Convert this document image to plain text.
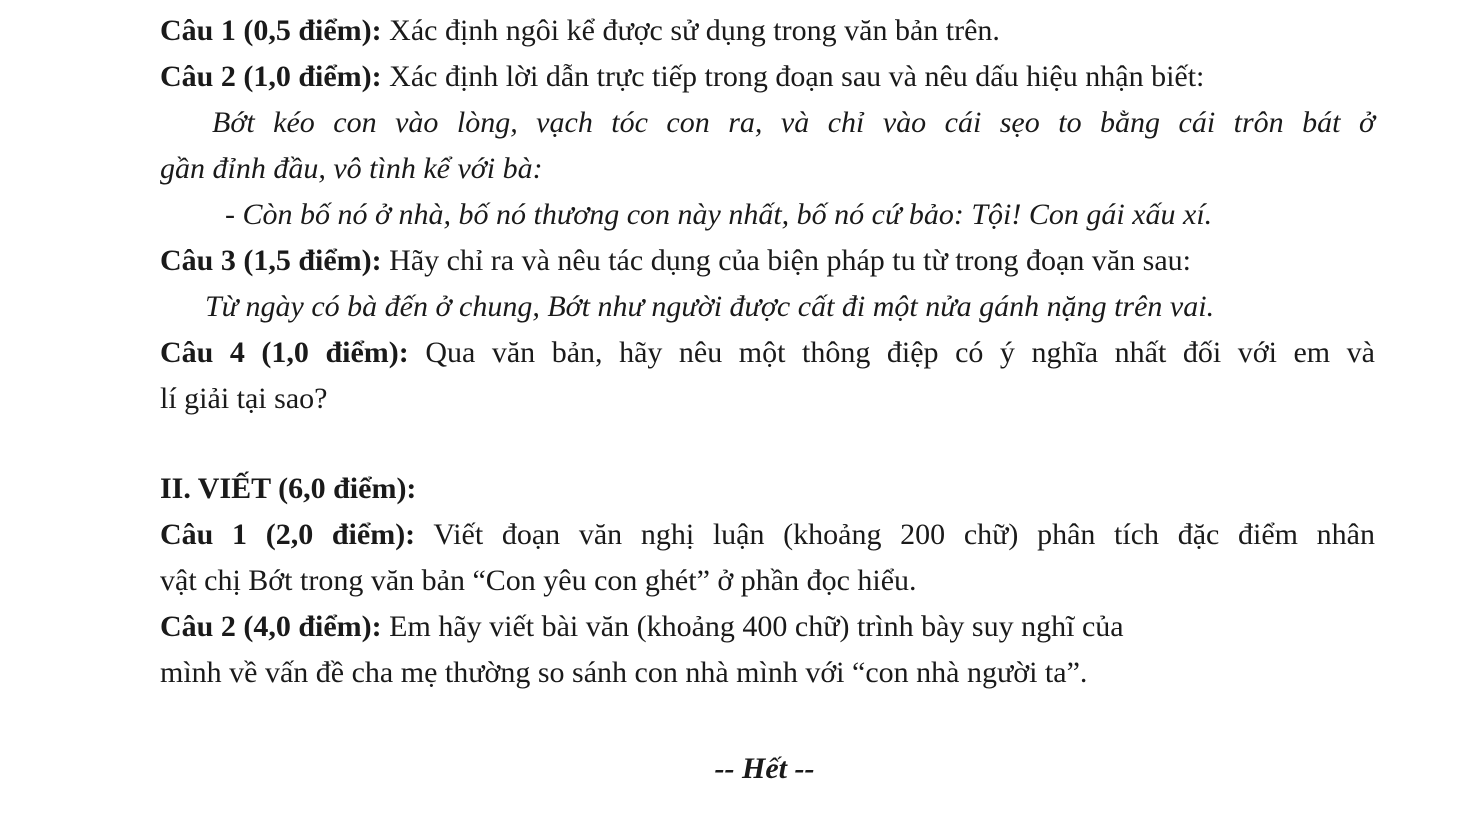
Câu 1 (0,5 điểm): Xác định ngôi kể được sử dụng trong văn bản trên.
Câu 2 (1,0 điểm): Xác định lời dẫn trực tiếp trong đoạn sau và nêu dấu hiệu nhận biết:
Bớt kéo con vào lòng, vạch tóc con ra, và chỉ vào cái sẹo to bằng cái trôn bát ở
gần đỉnh đầu, vô tình kể với bà:
- Còn bố nó ở nhà, bố nó thương con này nhất, bố nó cứ bảo: Tội! Con gái xấu xí.
Câu 3 (1,5 điểm): Hãy chỉ ra và nêu tác dụng của biện pháp tu từ trong đoạn văn sau:
Từ ngày có bà đến ở chung, Bớt như người được cất đi một nửa gánh nặng trên vai.
Câu 4 (1,0 điểm): Qua văn bản, hãy nêu một thông điệp có ý nghĩa nhất đối với em và
lí giải tại sao?
II. VIẾT (6,0 điểm):
Câu 1 (2,0 điểm): Viết đoạn văn nghị luận (khoảng 200 chữ) phân tích đặc điểm nhân
vật chị Bớt trong văn bản “Con yêu con ghét” ở phần đọc hiểu.
Câu 2 (4,0 điểm): Em hãy viết bài văn (khoảng 400 chữ) trình bày suy nghĩ của
mình về vấn đề cha mẹ thường so sánh con nhà mình với “con nhà người ta”.
-- Hết --
